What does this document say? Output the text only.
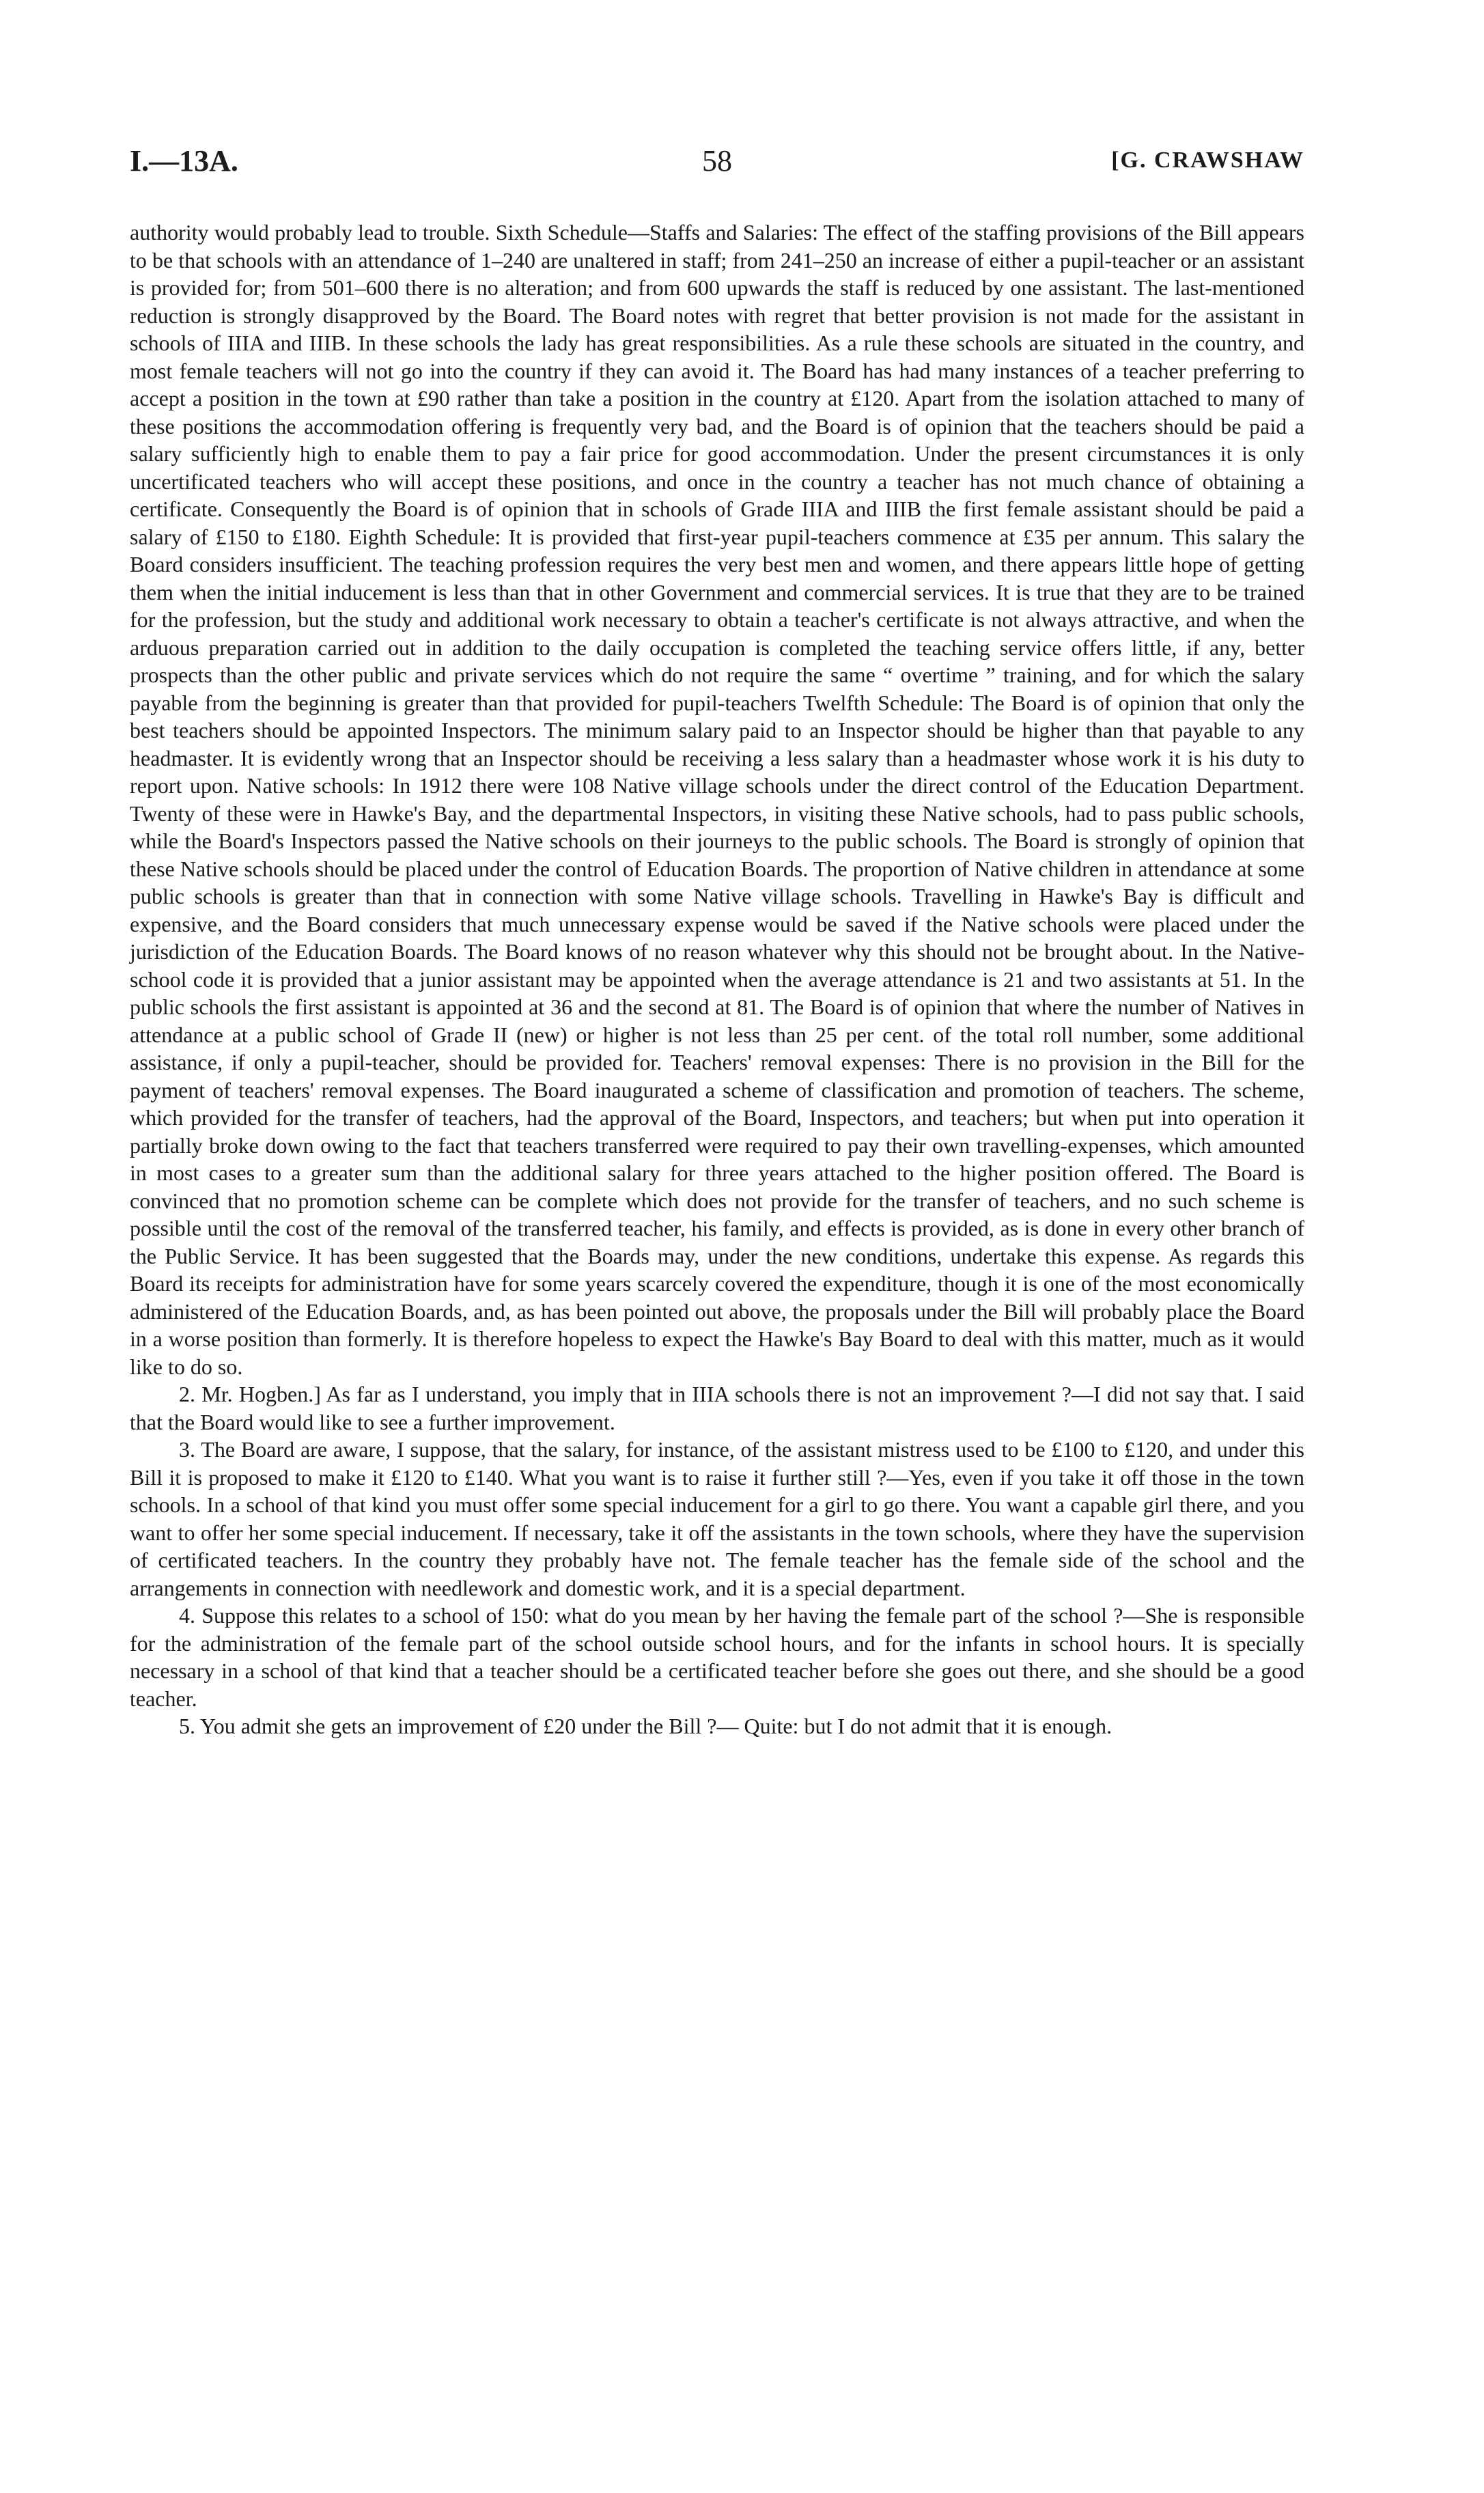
I.—13A.	58	[G. CRAWSHAW

authority would probably lead to trouble. Sixth Schedule—Staffs and Salaries: The effect of the staffing provisions of the Bill appears to be that schools with an attendance of 1–240 are unaltered in staff; from 241–250 an increase of either a pupil-teacher or an assistant is provided for; from 501–600 there is no alteration; and from 600 upwards the staff is reduced by one assistant. The last-mentioned reduction is strongly disapproved by the Board. The Board notes with regret that better provision is not made for the assistant in schools of IIIA and IIIB. In these schools the lady has great responsibilities. As a rule these schools are situated in the country, and most female teachers will not go into the country if they can avoid it. The Board has had many instances of a teacher preferring to accept a position in the town at £90 rather than take a position in the country at £120. Apart from the isolation attached to many of these positions the accommodation offering is frequently very bad, and the Board is of opinion that the teachers should be paid a salary sufficiently high to enable them to pay a fair price for good accommodation. Under the present circumstances it is only uncertificated teachers who will accept these positions, and once in the country a teacher has not much chance of obtaining a certificate. Consequently the Board is of opinion that in schools of Grade IIIA and IIIB the first female assistant should be paid a salary of £150 to £180. Eighth Schedule: It is provided that first-year pupil-teachers commence at £35 per annum. This salary the Board considers insufficient. The teaching profession requires the very best men and women, and there appears little hope of getting them when the initial inducement is less than that in other Government and commercial services. It is true that they are to be trained for the profession, but the study and additional work necessary to obtain a teacher's certificate is not always attractive, and when the arduous preparation carried out in addition to the daily occupation is completed the teaching service offers little, if any, better prospects than the other public and private services which do not require the same “ overtime ” training, and for which the salary payable from the beginning is greater than that provided for pupil-teachers Twelfth Schedule: The Board is of opinion that only the best teachers should be appointed Inspectors. The minimum salary paid to an Inspector should be higher than that payable to any headmaster. It is evidently wrong that an Inspector should be receiving a less salary than a headmaster whose work it is his duty to report upon. Native schools: In 1912 there were 108 Native village schools under the direct control of the Education Department. Twenty of these were in Hawke's Bay, and the departmental Inspectors, in visiting these Native schools, had to pass public schools, while the Board's Inspectors passed the Native schools on their journeys to the public schools. The Board is strongly of opinion that these Native schools should be placed under the control of Education Boards. The proportion of Native children in attendance at some public schools is greater than that in connection with some Native village schools. Travelling in Hawke's Bay is difficult and expensive, and the Board considers that much unnecessary expense would be saved if the Native schools were placed under the jurisdiction of the Education Boards. The Board knows of no reason whatever why this should not be brought about. In the Native-school code it is provided that a junior assistant may be appointed when the average attendance is 21 and two assistants at 51. In the public schools the first assistant is appointed at 36 and the second at 81. The Board is of opinion that where the number of Natives in attendance at a public school of Grade II (new) or higher is not less than 25 per cent. of the total roll number, some additional assistance, if only a pupil-teacher, should be provided for. Teachers' removal expenses: There is no provision in the Bill for the payment of teachers' removal expenses. The Board inaugurated a scheme of classification and promotion of teachers. The scheme, which provided for the transfer of teachers, had the approval of the Board, Inspectors, and teachers; but when put into operation it partially broke down owing to the fact that teachers transferred were required to pay their own travelling-expenses, which amounted in most cases to a greater sum than the additional salary for three years attached to the higher position offered. The Board is convinced that no promotion scheme can be complete which does not provide for the transfer of teachers, and no such scheme is possible until the cost of the removal of the transferred teacher, his family, and effects is provided, as is done in every other branch of the Public Service. It has been suggested that the Boards may, under the new conditions, undertake this expense. As regards this Board its receipts for administration have for some years scarcely covered the expenditure, though it is one of the most economically administered of the Education Boards, and, as has been pointed out above, the proposals under the Bill will probably place the Board in a worse position than formerly. It is therefore hopeless to expect the Hawke's Bay Board to deal with this matter, much as it would like to do so.

2. Mr. Hogben.] As far as I understand, you imply that in IIIA schools there is not an improvement ?—I did not say that. I said that the Board would like to see a further improvement.

3. The Board are aware, I suppose, that the salary, for instance, of the assistant mistress used to be £100 to £120, and under this Bill it is proposed to make it £120 to £140. What you want is to raise it further still ?—Yes, even if you take it off those in the town schools. In a school of that kind you must offer some special inducement for a girl to go there. You want a capable girl there, and you want to offer her some special inducement. If necessary, take it off the assistants in the town schools, where they have the supervision of certificated teachers. In the country they probably have not. The female teacher has the female side of the school and the arrangements in connection with needlework and domestic work, and it is a special department.

4. Suppose this relates to a school of 150: what do you mean by her having the female part of the school ?—She is responsible for the administration of the female part of the school outside school hours, and for the infants in school hours. It is specially necessary in a school of that kind that a teacher should be a certificated teacher before she goes out there, and she should be a good teacher.

5. You admit she gets an improvement of £20 under the Bill ?— Quite: but I do not admit that it is enough.
